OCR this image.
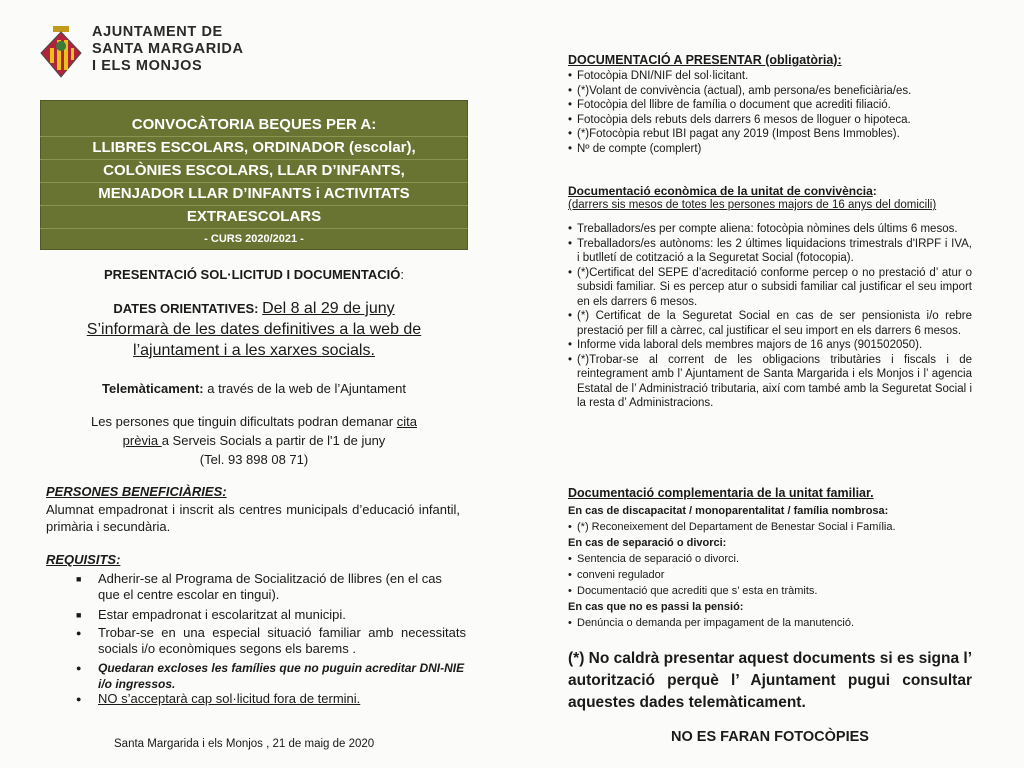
AJUNTAMENT DE
SANTA MARGARIDA
I ELS MONJOS
CONVOCÀTORIA BEQUES PER A:
LLIBRES ESCOLARS, ORDINADOR (escolar),
COLÒNIES ESCOLARS, LLAR D’INFANTS,
MENJADOR LLAR D’INFANTS i ACTIVITATS
EXTRAESCOLARS
- CURS 2020/2021 -
PRESENTACIÓ SOL·LICITUD I DOCUMENTACIÓ:
DATES ORIENTATIVES: Del 8 al 29 de juny
S’informarà de les dates definitives a la web de
l’ajuntament i a les xarxes socials.
Telemàticament: a través de la web de l’Ajuntament
Les persones que tinguin dificultats podran demanar cita
prèvia a Serveis Socials a partir de l'1 de juny
(Tel. 93 898 08 71)
PERSONES BENEFICIÀRIES:
Alumnat empadronat i inscrit als centres municipals d’educació infantil, primària i secundària.
REQUISITS:
■ Adherir-se al Programa de Socialització de llibres (en el cas que el centre escolar en tingui).
■ Estar empadronat i escolaritzat al municipi.
● Trobar-se en una especial situació familiar amb necessitats socials i/o econòmiques segons els barems .
● Quedaran excloses les famílies que no puguin acreditar DNI-NIE i/o ingressos.
● NO s’acceptarà cap sol·licitud fora de termini.
Santa Margarida i els Monjos , 21 de maig de 2020
DOCUMENTACIÓ A PRESENTAR (obligatòria):
• Fotocòpia DNI/NIF del sol·licitant.
• (*)Volant de convivència (actual), amb persona/es beneficiària/es.
• Fotocòpia del llibre de família o document que acrediti filiació.
• Fotocòpia dels rebuts dels darrers 6 mesos de lloguer o hipoteca.
• (*)Fotocòpia rebut IBI pagat any 2019 (Impost Bens Immobles).
• Nº de compte (complert)
Documentació econòmica de la unitat de convivència:
(darrers sis mesos de totes les persones majors de 16 anys del domicili)
• Treballadors/es per compte aliena: fotocòpia nòmines dels últims 6 mesos.
• Treballadors/es autònoms: les 2 últimes liquidacions trimestrals d'IRPF i IVA, i butlletí de cotització a la Seguretat Social (fotocopia).
• (*)Certificat del SEPE d’acreditació conforme percep o no prestació d’ atur o subsidi familiar. Si es percep atur o subsidi familiar cal justificar el seu import en els darrers 6 mesos.
• (*) Certificat de la Seguretat Social en cas de ser pensionista i/o rebre prestació per fill a càrrec, cal justificar el seu import en els darrers 6 mesos.
• Informe vida laboral dels membres majors de 16 anys (901502050).
• (*)Trobar-se al corrent de les obligacions tributàries i fiscals i de reintegrament amb l’ Ajuntament de Santa Margarida i els Monjos i l’ agencia Estatal de l’ Administració tributaria, així com també amb la Seguretat Social i la resta d’ Administracions.
Documentació complementaria de la unitat familiar.
En cas de discapacitat / monoparentalitat / família nombrosa:
• (*) Reconeixement del Departament de Benestar Social i Família.
En cas de separació o divorci:
• Sentencia de separació o divorci.
• conveni regulador
• Documentació que acrediti que s’ esta en tràmits.
En cas que no es passi la pensió:
• Denúncia o demanda per impagament de la manutenció.
(*) No caldrà presentar aquest documents si es signa l’ autorització perquè l’ Ajuntament pugui consultar aquestes dades telemàticament.
NO ES FARAN FOTOCÒPIES
